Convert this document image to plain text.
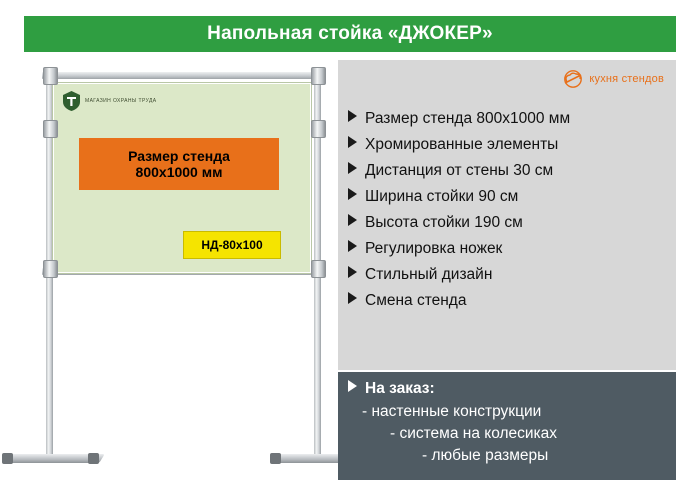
Напольная стойка «ДЖОКЕР»
МАГАЗИН ОХРАНЫ ТРУДА
Размер стенда
800х1000 мм
НД-80х100
кухня стендов
Размер стенда 800х1000 мм
Хромированные элементы
Дистанция от стены 30 см
Ширина стойки 90 см
Высота стойки 190 см
Регулировка ножек
Стильный дизайн
Смена стенда
На заказ:
- настенные конструкции
- система на колесиках
- любые размеры
